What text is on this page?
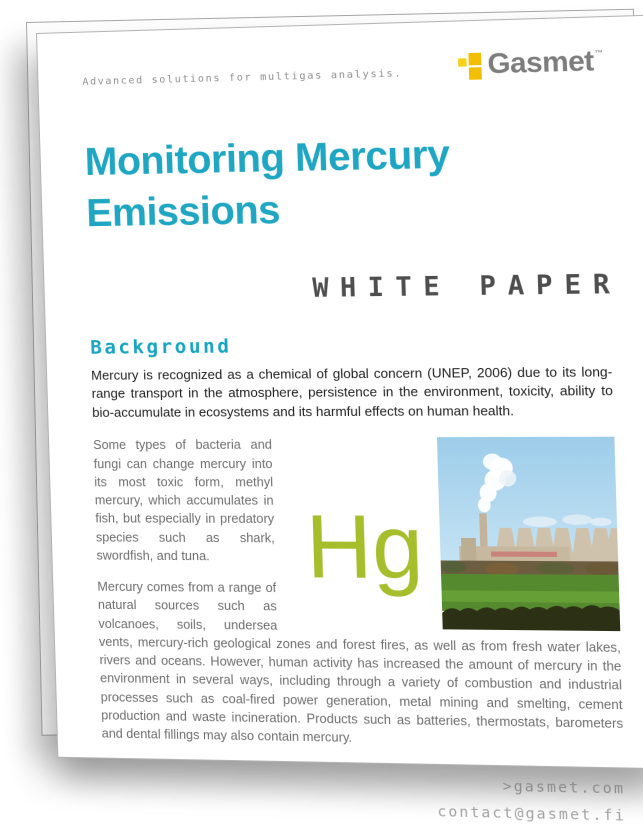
Advanced solutions for multigas analysis.	Gasmet™
Monitoring Mercury
Emissions
WHITE PAPER
Background

Mercury is recognized as a chemical of global concern (UNEP, 2006) due to its long-range transport in the atmosphere, persistence in the environment, toxicity, ability to bio-accumulate in ecosystems and its harmful effects on human health.

Hg

Some types of bacteria and fungi can change mercury into its most toxic form, methyl mercury, which accumulates in fish, but especially in predatory species such as shark, swordfish, and tuna.

Mercury comes from a range of natural sources such as volcanoes, soils, undersea vents, mercury-rich geological zones and forest fires, as well as from fresh water lakes, rivers and oceans. However, human activity has increased the amount of mercury in the environment in several ways, including through a variety of combustion and industrial processes such as coal-fired power generation, metal mining and smelting, cement production and waste incineration. Products such as batteries, thermostats, barometers and dental fillings may also contain mercury.

>gasmet.com
contact@gasmet.fi
